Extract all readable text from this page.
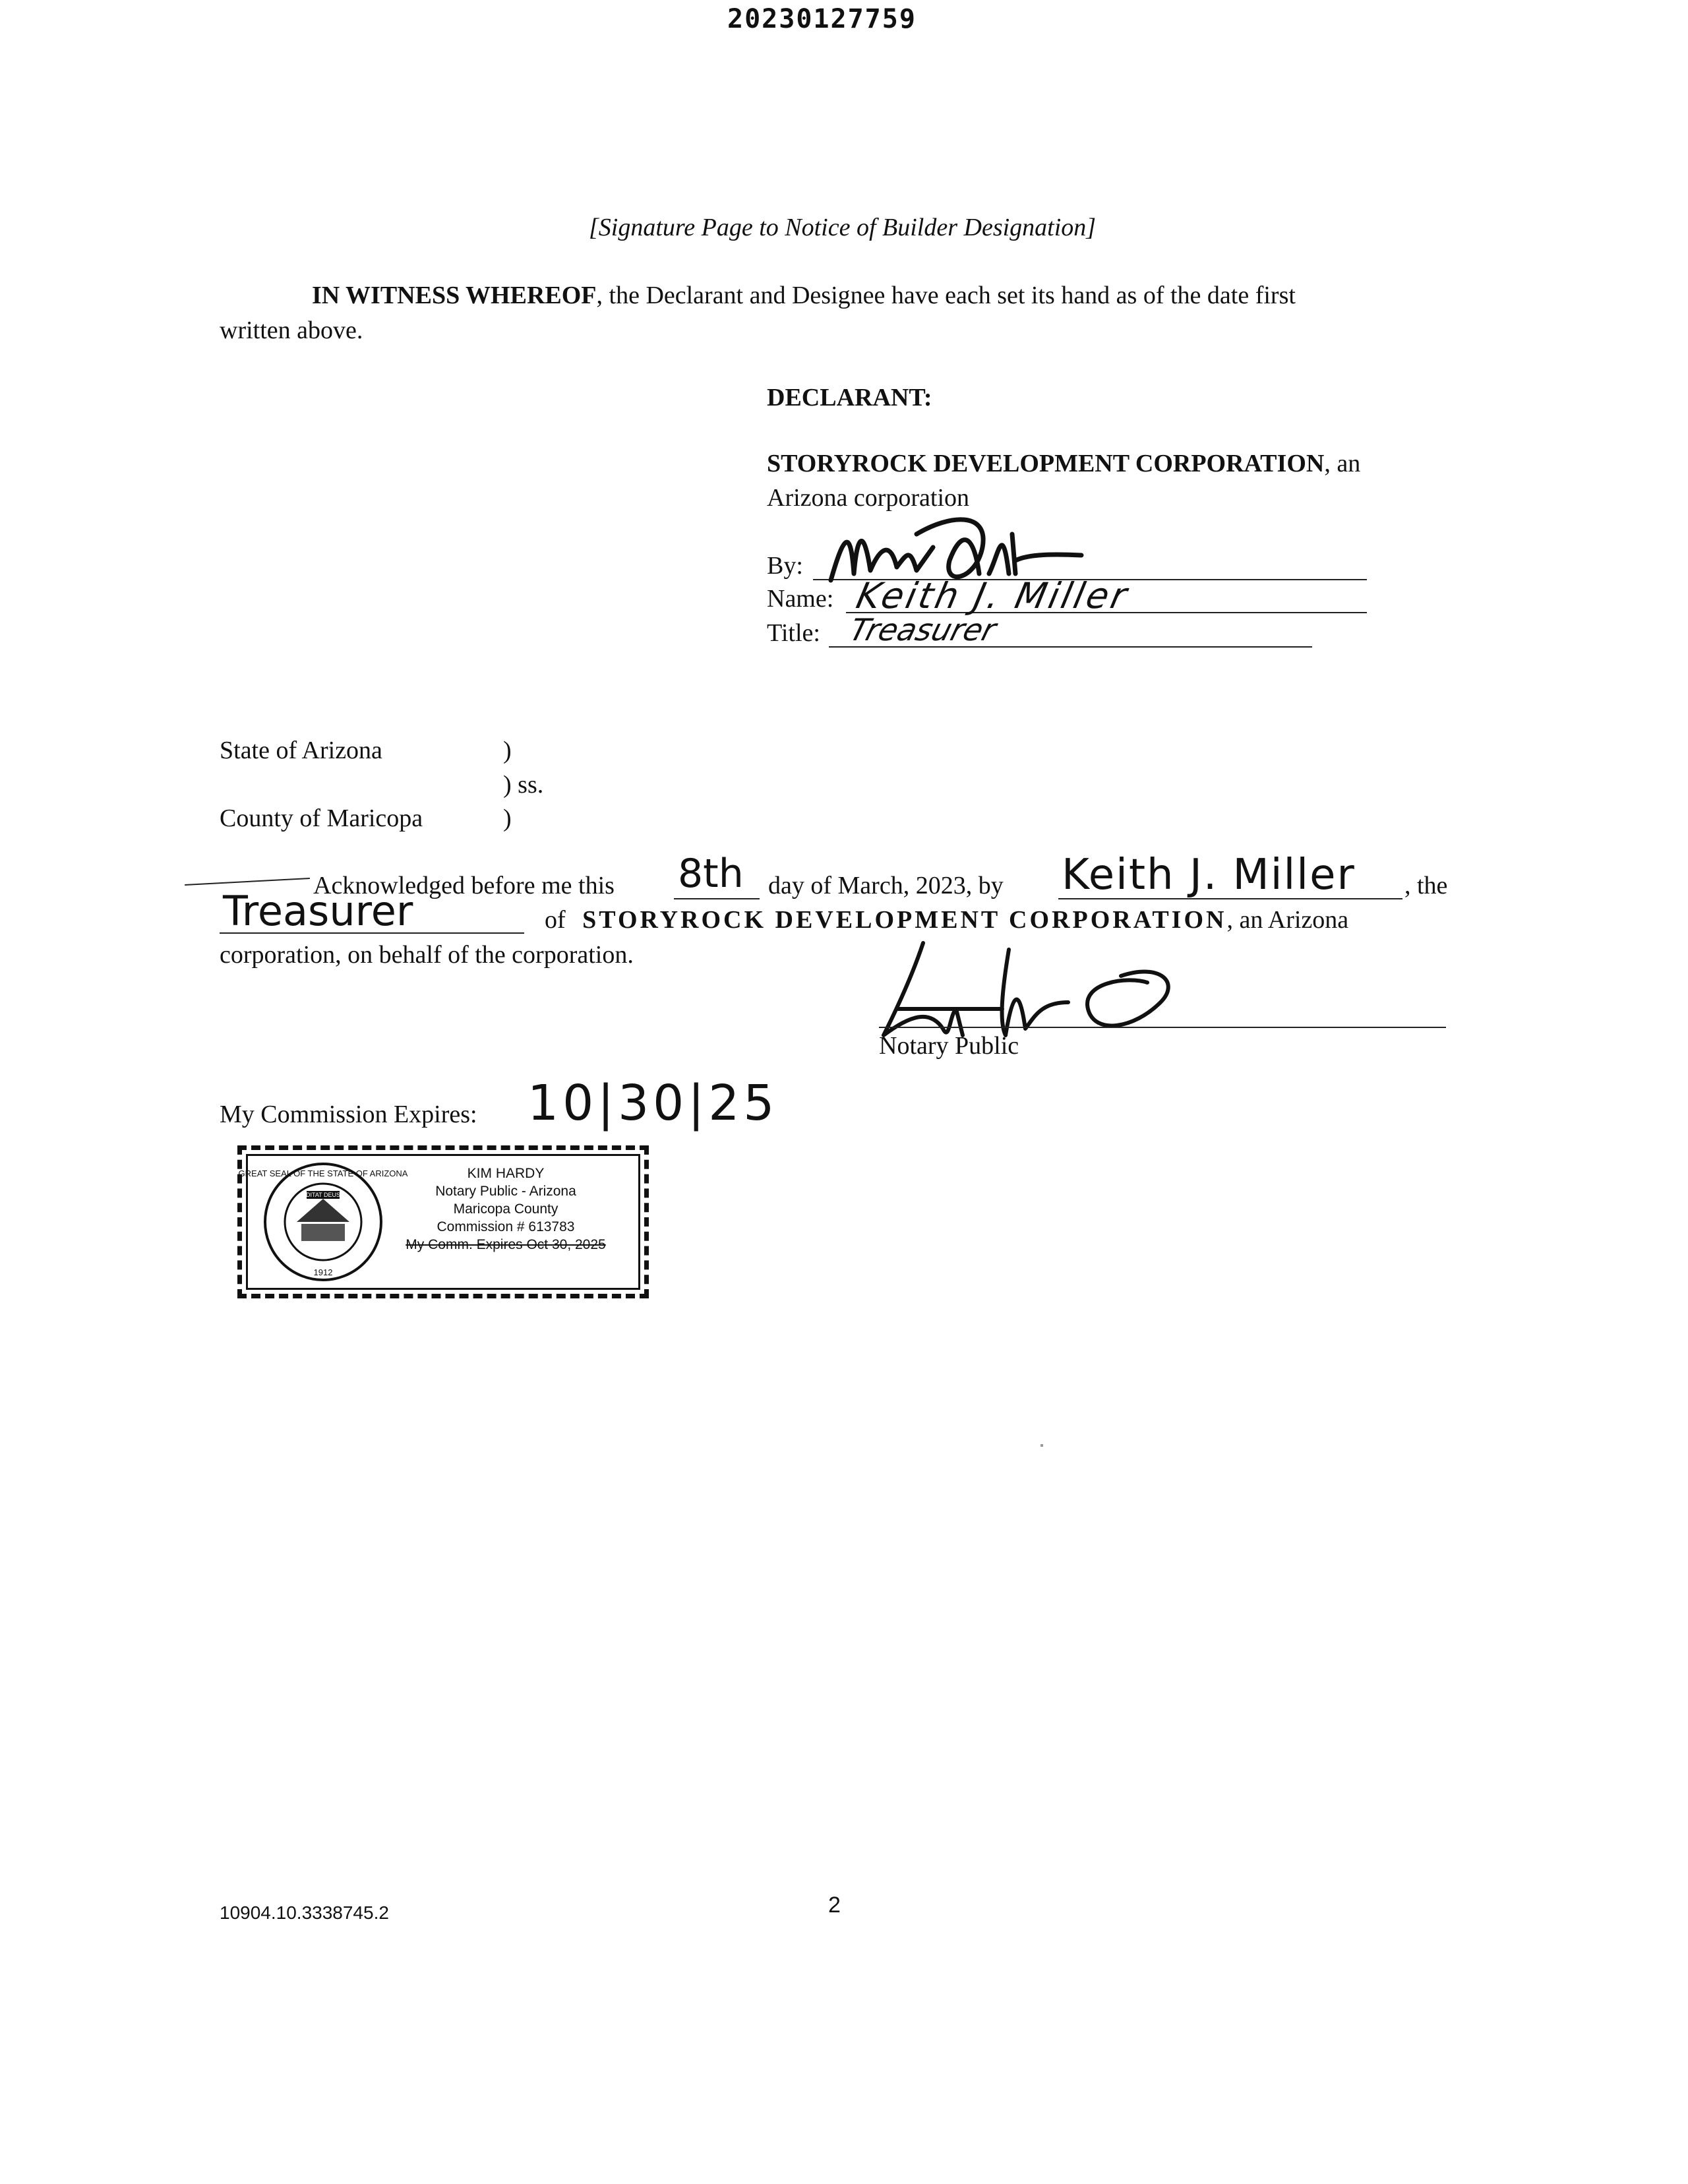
20230127759
[Signature Page to Notice of Builder Designation]
IN WITNESS WHEREOF, the Declarant and Designee have each set its hand as of the date first
written above.
DECLARANT:
STORYROCK DEVELOPMENT CORPORATION, an
Arizona corporation
By:
Name: Keith J. Miller
Title: Treasurer
State of Arizona	)
) ss.
County of Maricopa	)
Acknowledged before me this 8th day of March, 2023, by Keith J. Miller , the
Treasurer	of STORYROCK DEVELOPMENT CORPORATION, an Arizona
corporation, on behalf of the corporation.
Notary Public
My Commission Expires: 10|30|25
GREAT SEAL OF THE STATE OF ARIZONA
DITAT DEUS
1912
KIM HARDY
Notary Public - Arizona
Maricopa County
Commission # 613783
My Comm. Expires Oct 30, 2025
10904.10.3338745.2	2
